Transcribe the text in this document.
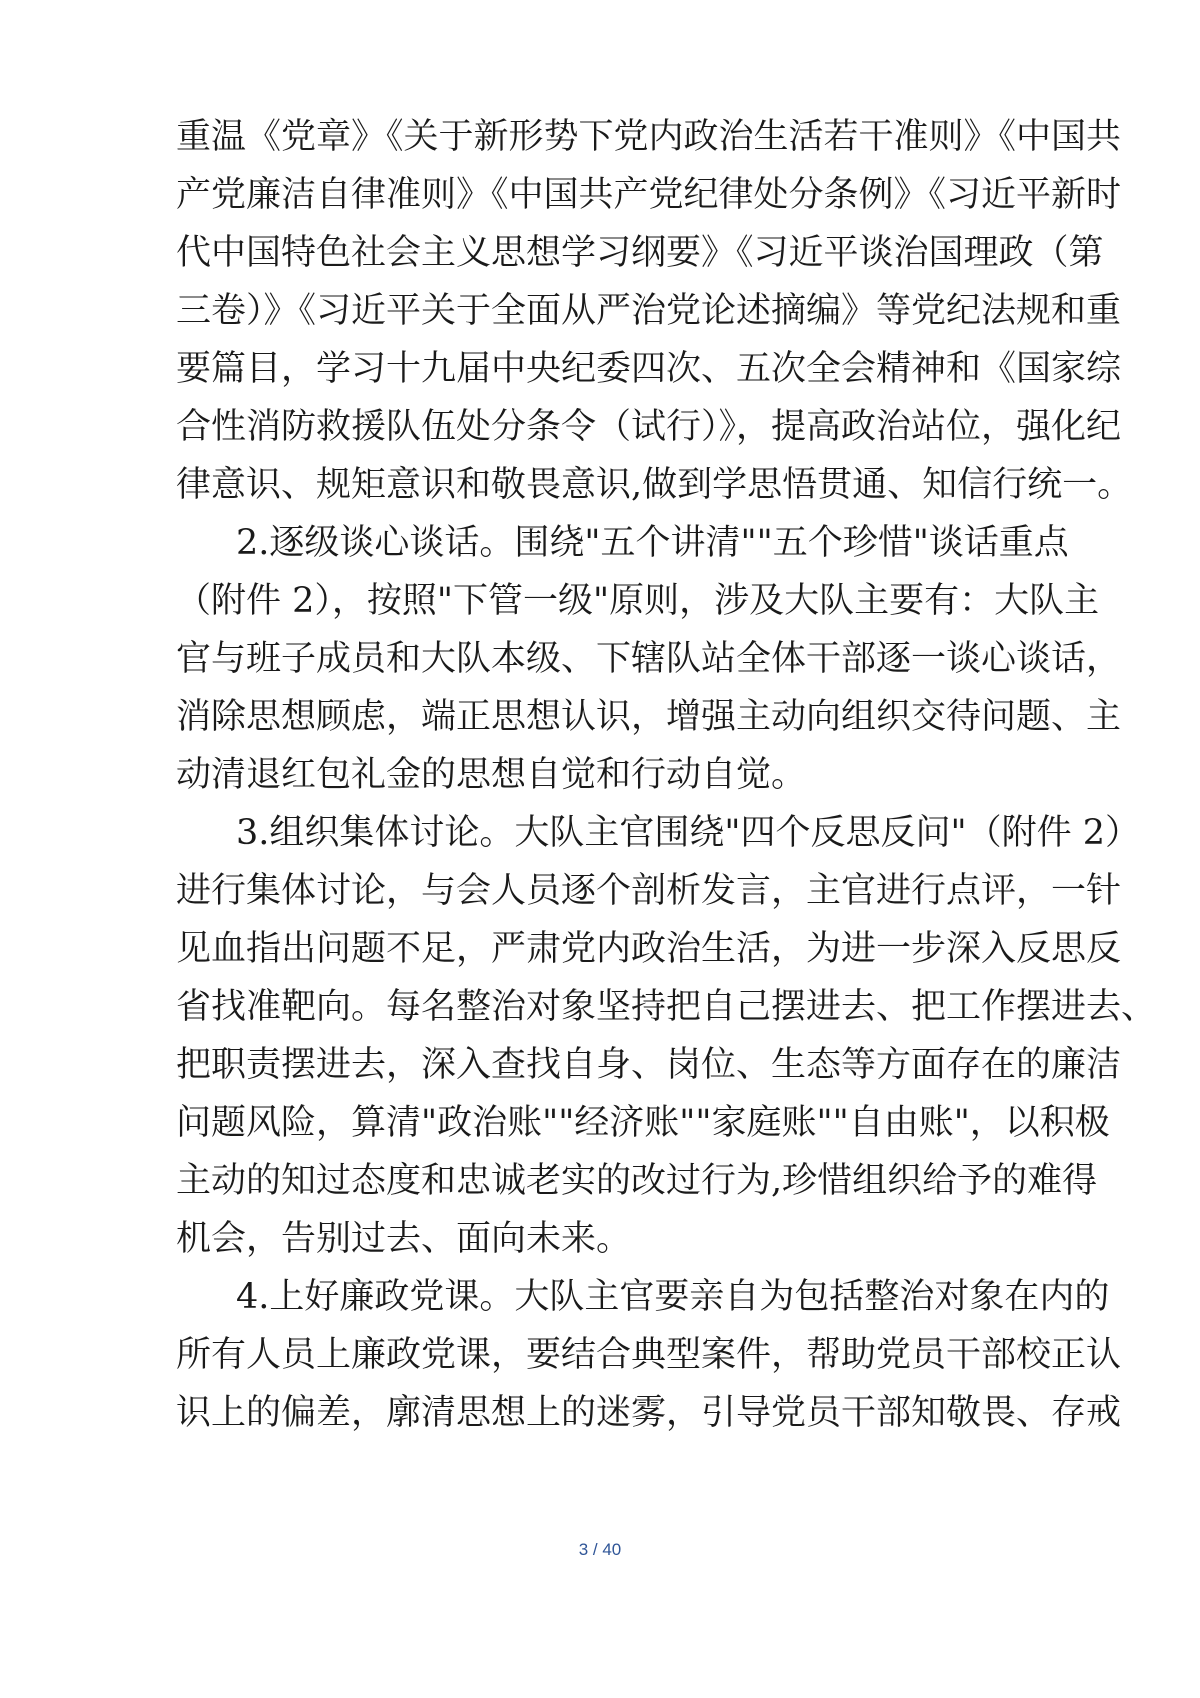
重温《党章》《关于新形势下党内政治生活若干准则》《中国共
产党廉洁自律准则》《中国共产党纪律处分条例》《习近平新时
代中国特色社会主义思想学习纲要》《习近平谈治国理政（第
三卷）》《习近平关于全面从严治党论述摘编》等党纪法规和重
要篇目，学习十九届中央纪委四次、五次全会精神和《国家综
合性消防救援队伍处分条令（试行）》，提高政治站位，强化纪
律意识、规矩意识和敬畏意识,做到学思悟贯通、知信行统一。
2.逐级谈心谈话。围绕"五个讲清""五个珍惜"谈话重点
（附件 2），按照"下管一级"原则，涉及大队主要有：大队主
官与班子成员和大队本级、下辖队站全体干部逐一谈心谈话，
消除思想顾虑，端正思想认识，增强主动向组织交待问题、主
动清退红包礼金的思想自觉和行动自觉。
3.组织集体讨论。大队主官围绕"四个反思反问"（附件 2）
进行集体讨论，与会人员逐个剖析发言，主官进行点评，一针
见血指出问题不足，严肃党内政治生活，为进一步深入反思反
省找准靶向。每名整治对象坚持把自己摆进去、把工作摆进去、
把职责摆进去，深入查找自身、岗位、生态等方面存在的廉洁
问题风险，算清"政治账""经济账""家庭账""自由账"，以积极
主动的知过态度和忠诚老实的改过行为,珍惜组织给予的难得
机会，告别过去、面向未来。
4.上好廉政党课。大队主官要亲自为包括整治对象在内的
所有人员上廉政党课，要结合典型案件，帮助党员干部校正认
识上的偏差，廓清思想上的迷雾，引导党员干部知敬畏、存戒
3 / 40
